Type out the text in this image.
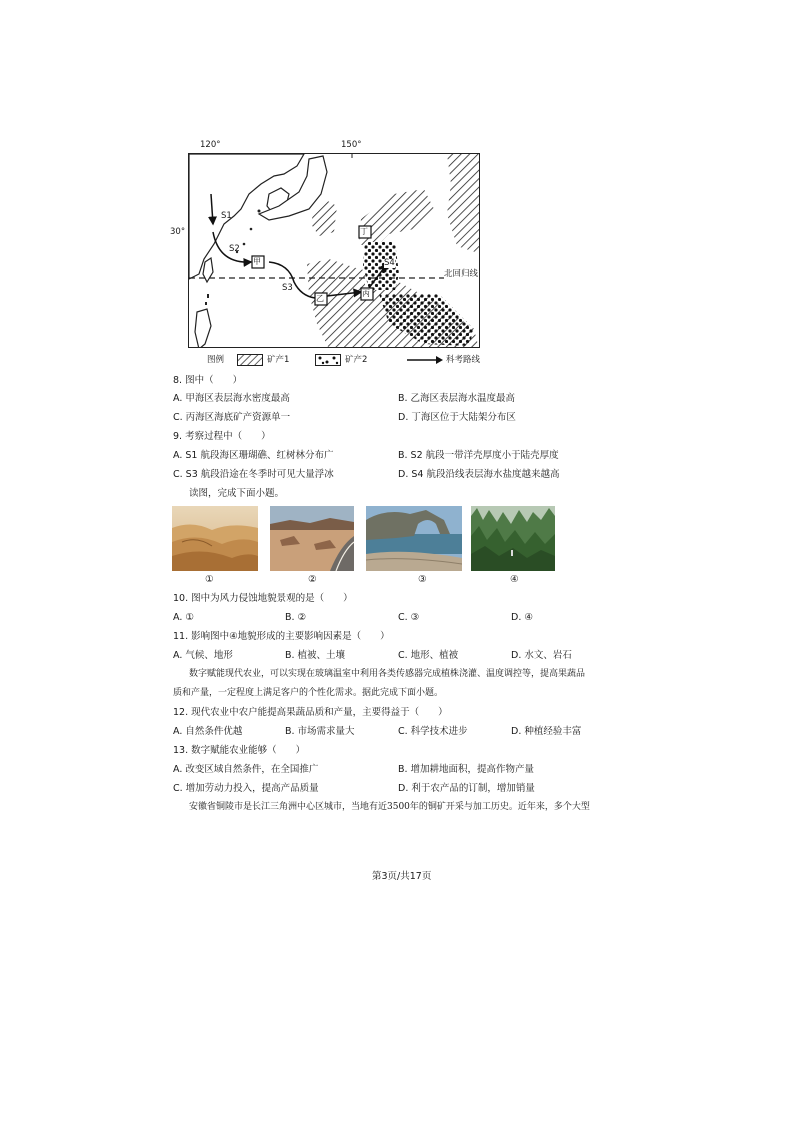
120°	150°
30°
甲
乙
丙
丁
S1
S2
S3
S4
北回归线
图例	矿产1	矿产2	科考路线
8. 图中（　　）
A. 甲海区表层海水密度最高	B. 乙海区表层海水温度最高
C. 丙海区海底矿产资源单一	D. 丁海区位于大陆架分布区
9. 考察过程中（　　）
A. S1 航段海区珊瑚礁、红树林分布广	B. S2 航段一带洋壳厚度小于陆壳厚度
C. S3 航段沿途在冬季时可见大量浮冰	D. S4 航段沿线表层海水盐度越来越高
读图，完成下面小题。
①	②	③	④
10. 图中为风力侵蚀地貌景观的是（　　）
A. ①	B. ②	C. ③	D. ④
11. 影响图中④地貌形成的主要影响因素是（　　）
A. 气候、地形	B. 植被、土壤	C. 地形、植被	D. 水文、岩石
数字赋能现代农业，可以实现在玻璃温室中利用各类传感器完成植株浇灌、温度调控等，提高果蔬品
质和产量，一定程度上满足客户的个性化需求。据此完成下面小题。
12. 现代农业中农户能提高果蔬品质和产量，主要得益于（　　）
A. 自然条件优越	B. 市场需求量大	C. 科学技术进步	D. 种植经验丰富
13. 数字赋能农业能够（　　）
A. 改变区域自然条件，在全国推广	B. 增加耕地面积，提高作物产量
C. 增加劳动力投入，提高产品质量	D. 利于农产品的订制，增加销量
安徽省铜陵市是长江三角洲中心区城市，当地有近3500年的铜矿开采与加工历史。近年来，多个大型
第3页/共17页
